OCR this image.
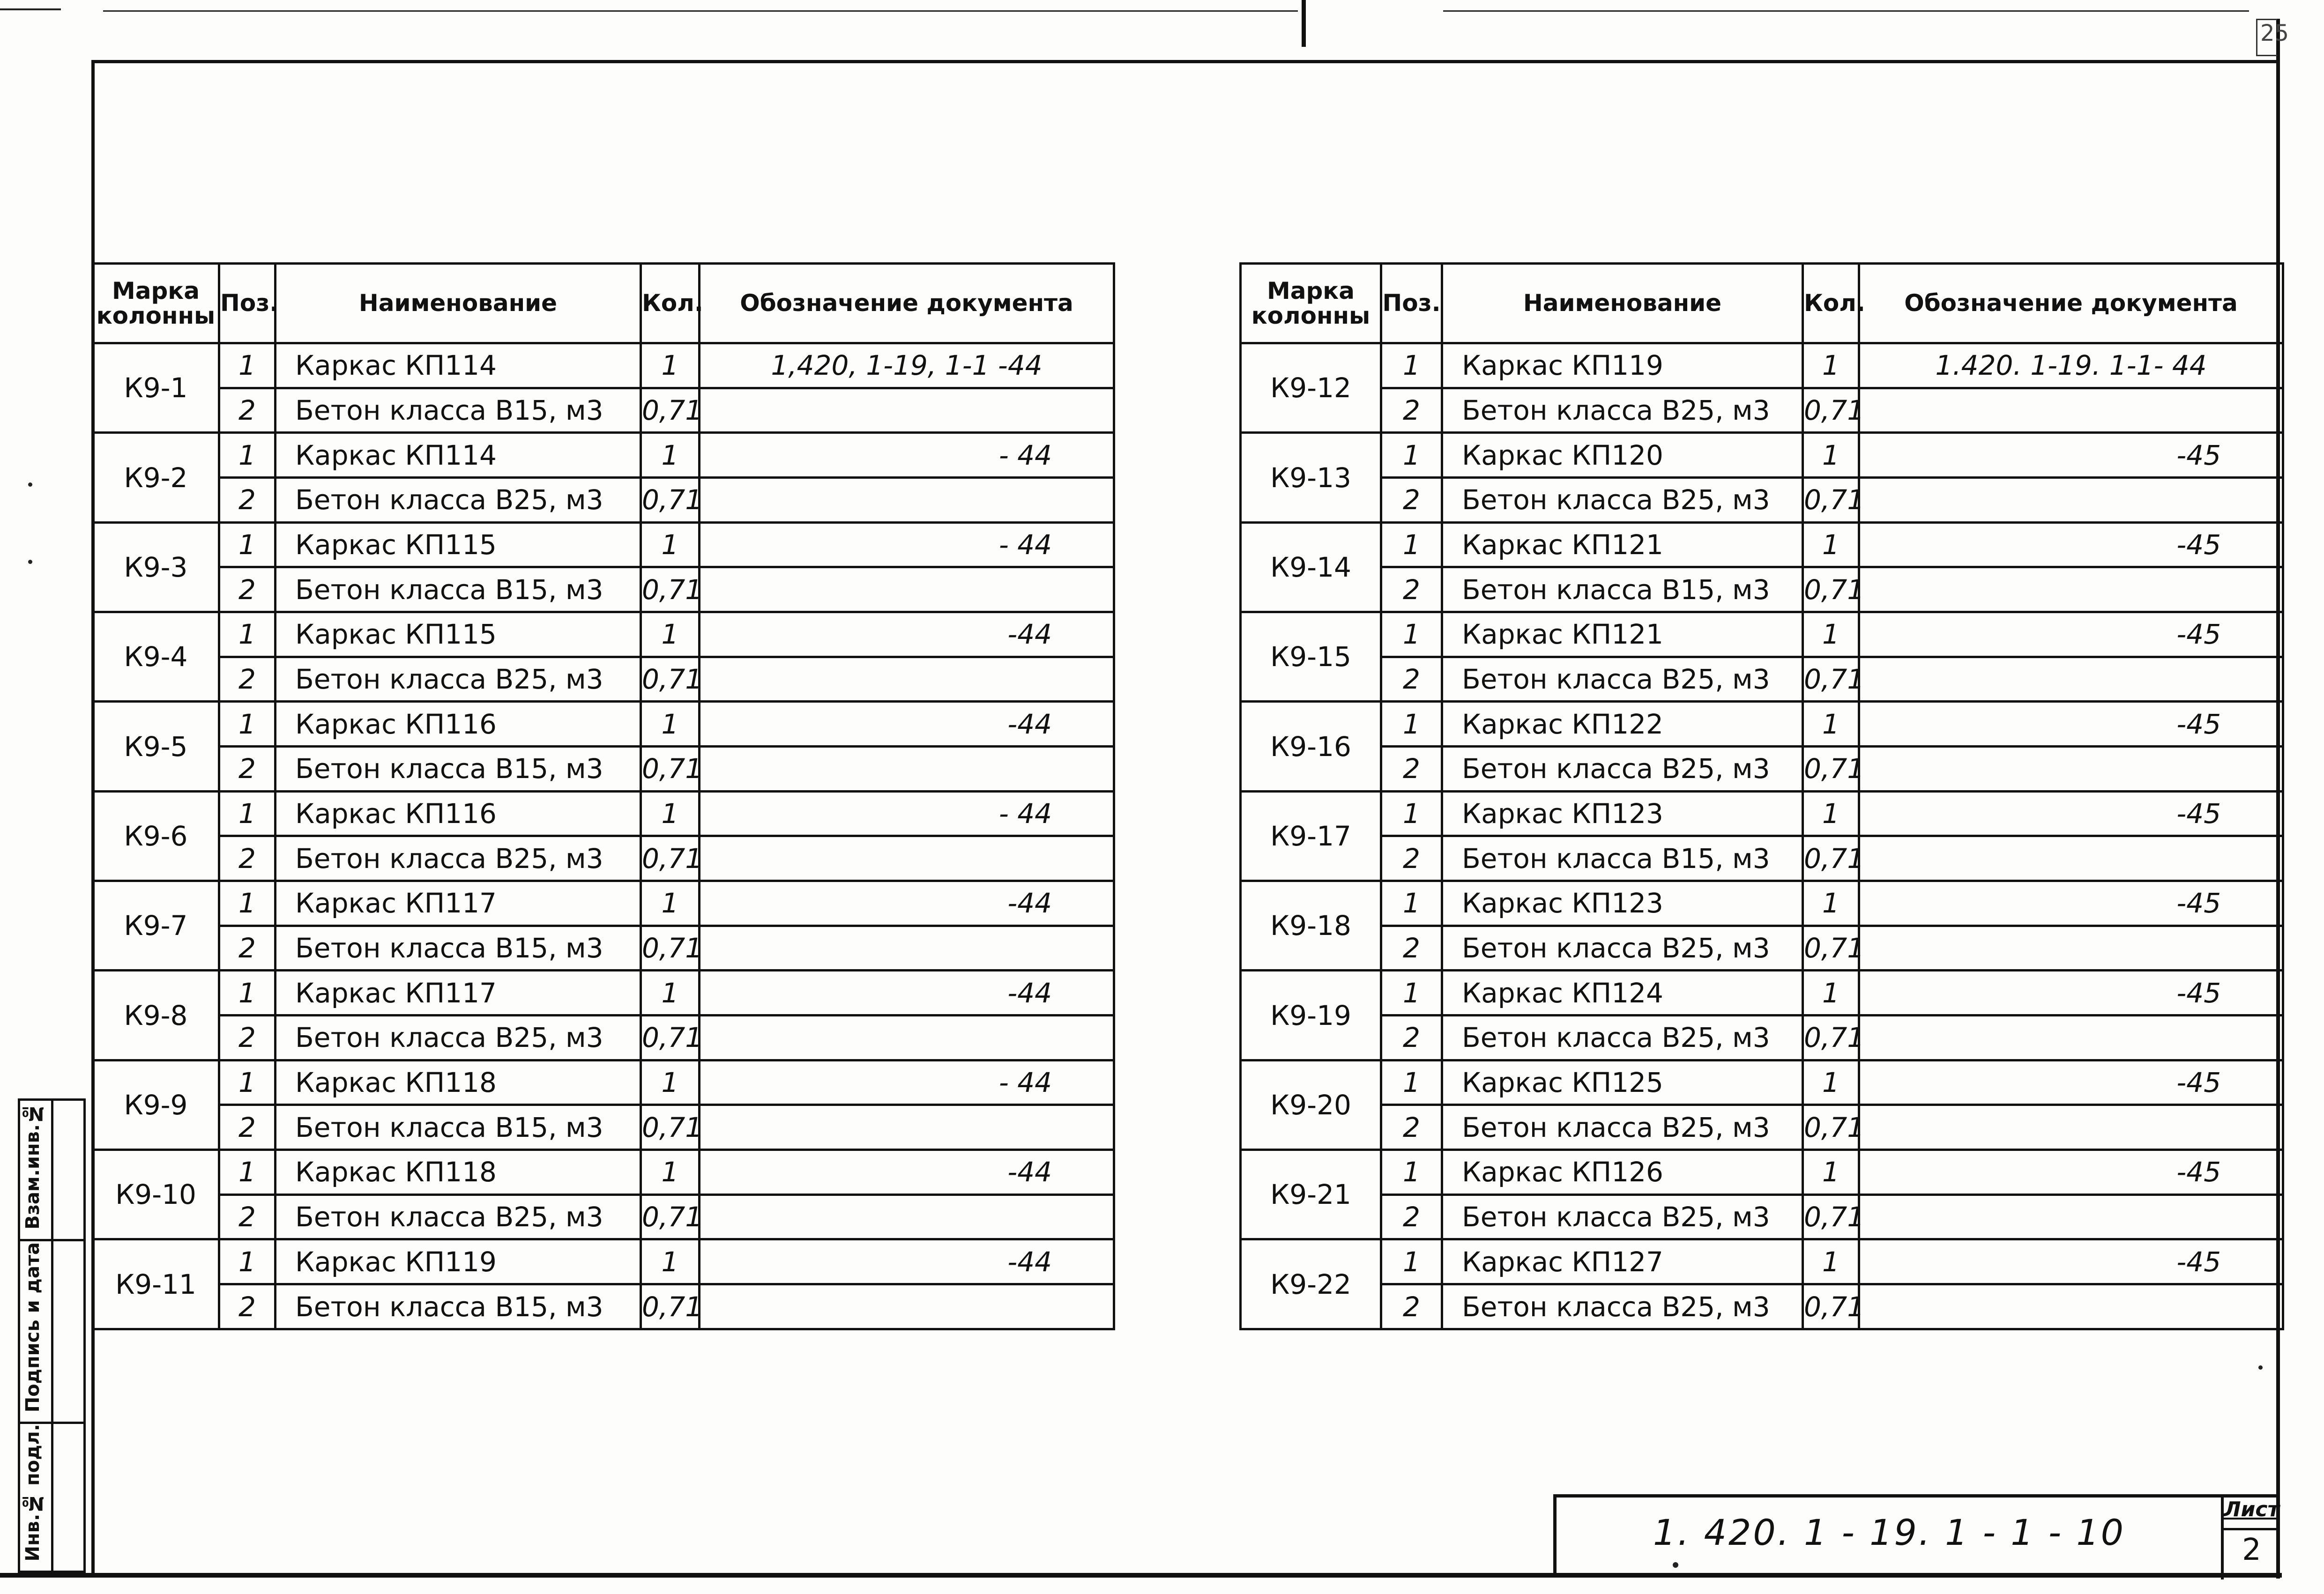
25
Марка колонны	Поз.	Наименование	Кол.	Обозначение документа
К9-1	1	Каркас КП114	1	1,420, 1-19, 1-1 -44
	2	Бетон класса В15, м3	0,71	
К9-2	1	Каркас КП114	1	- 44
	2	Бетон класса В25, м3	0,71	
К9-3	1	Каркас КП115	1	- 44
	2	Бетон класса В15, м3	0,71	
К9-4	1	Каркас КП115	1	-44
	2	Бетон класса В25, м3	0,71	
К9-5	1	Каркас КП116	1	-44
	2	Бетон класса В15, м3	0,71	
К9-6	1	Каркас КП116	1	- 44
	2	Бетон класса В25, м3	0,71	
К9-7	1	Каркас КП117	1	-44
	2	Бетон класса В15, м3	0,71	
К9-8	1	Каркас КП117	1	-44
	2	Бетон класса В25, м3	0,71	
К9-9	1	Каркас КП118	1	- 44
	2	Бетон класса В15, м3	0,71	
К9-10	1	Каркас КП118	1	-44
	2	Бетон класса В25, м3	0,71	
К9-11	1	Каркас КП119	1	-44
	2	Бетон класса В15, м3	0,71	
Марка колонны	Поз.	Наименование	Кол.	Обозначение документа
К9-12	1	Каркас КП119	1	1.420. 1-19. 1-1- 44
	2	Бетон класса В25, м3	0,71	
К9-13	1	Каркас КП120	1	-45
	2	Бетон класса В25, м3	0,71	
К9-14	1	Каркас КП121	1	-45
	2	Бетон класса В15, м3	0,71	
К9-15	1	Каркас КП121	1	-45
	2	Бетон класса В25, м3	0,71	
К9-16	1	Каркас КП122	1	-45
	2	Бетон класса В25, м3	0,71	
К9-17	1	Каркас КП123	1	-45
	2	Бетон класса В15, м3	0,71	
К9-18	1	Каркас КП123	1	-45
	2	Бетон класса В25, м3	0,71	
К9-19	1	Каркас КП124	1	-45
	2	Бетон класса В25, м3	0,71	
К9-20	1	Каркас КП125	1	-45
	2	Бетон класса В25, м3	0,71	
К9-21	1	Каркас КП126	1	-45
	2	Бетон класса В25, м3	0,71	
К9-22	1	Каркас КП127	1	-45
	2	Бетон класса В25, м3	0,71	
Взам.инв.№
Подпись и дата
Инв.№ подл.	1. 420. 1 - 19. 1 - 1 - 10
Лист
2
